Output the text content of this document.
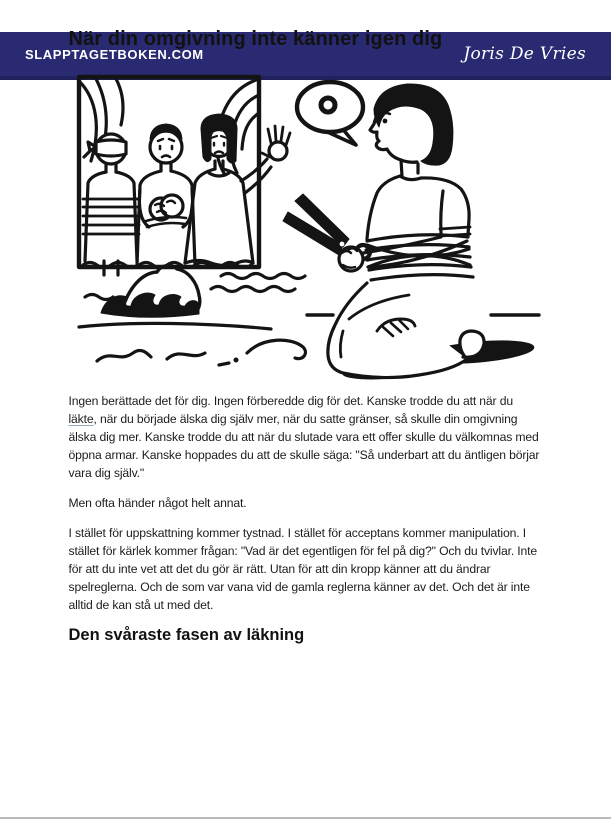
SLAPPTAGETBOKEN.COM	Joris De Vries
När din omgivning inte känner igen dig

Ingen berättade det för dig. Ingen förberedde dig för det. Kanske trodde du att när du läkte, när du började älska dig själv mer, när du satte gränser, så skulle din omgivning älska dig mer. Kanske trodde du att när du slutade vara ett offer skulle du välkomnas med öppna armar. Kanske hoppades du att de skulle säga: "Så underbart att du äntligen börjar vara dig själv."

Men ofta händer något helt annat.

I stället för uppskattning kommer tystnad. I stället för acceptans kommer manipulation. I stället för kärlek kommer frågan: "Vad är det egentligen för fel på dig?" Och du tvivlar. Inte för att du inte vet att det du gör är rätt. Utan för att din kropp känner att du ändrar spelreglerna. Och de som var vana vid de gamla reglerna känner av det. Och det är inte alltid de kan stå ut med det.

Den svåraste fasen av läkning
